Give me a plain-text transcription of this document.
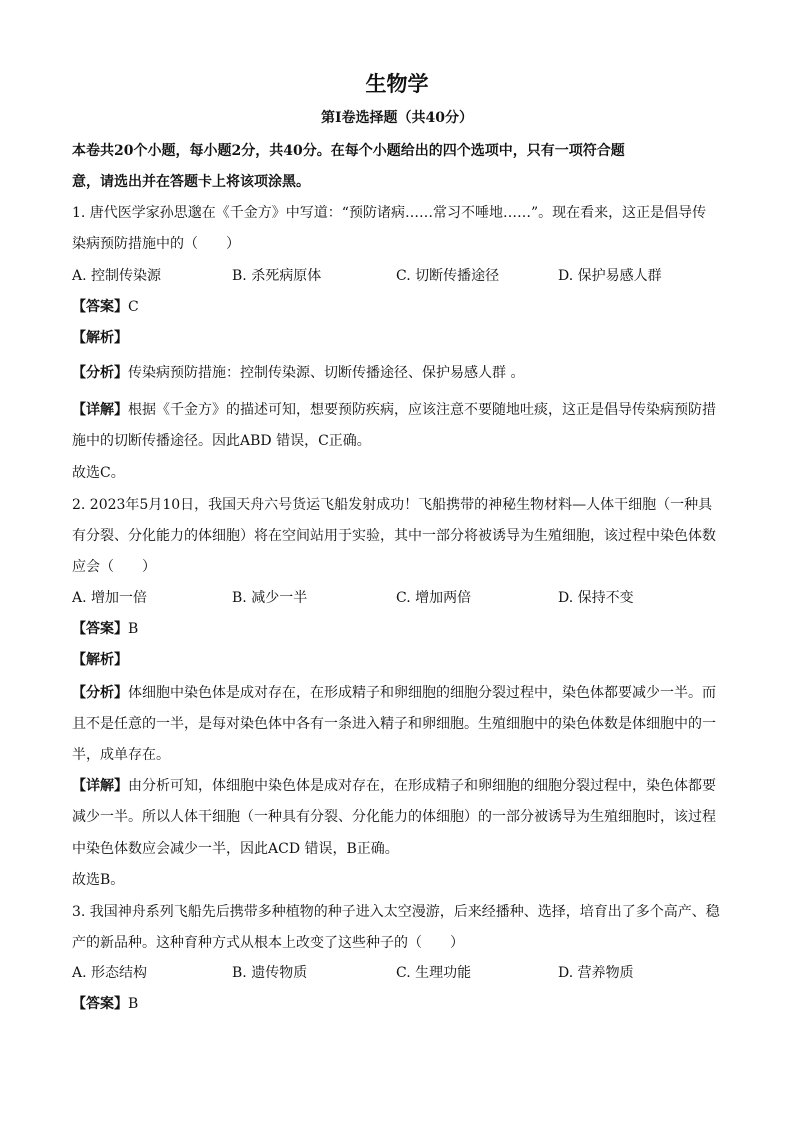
生物学
第I卷选择题（共40分）
本卷共20个小题，每小题2分，共40分。在每个小题给出的四个选项中，只有一项符合题
意，请选出并在答题卡上将该项涂黑。
1. 唐代医学家孙思邈在《千金方》中写道：“预防诸病……常习不唾地……”。现在看来，这正是倡导传
染病预防措施中的（　　）
A. 控制传染源	B. 杀死病原体	C. 切断传播途径	D. 保护易感人群
【答案】C
【解析】
【分析】传染病预防措施：控制传染源、切断传播途径、保护易感人群 。
【详解】根据《千金方》的描述可知，想要预防疾病，应该注意不要随地吐痰，这正是倡导传染病预防措
施中的切断传播途径。因此ABD 错误，C正确。
故选C。
2. 2023年5月10日，我国天舟六号货运飞船发射成功！飞船携带的神秘生物材料—人体干细胞（一种具
有分裂、分化能力的体细胞）将在空间站用于实验，其中一部分将被诱导为生殖细胞，该过程中染色体数
应会（　　）
A. 增加一倍	B. 减少一半	C. 增加两倍	D. 保持不变
【答案】B
【解析】
【分析】体细胞中染色体是成对存在，在形成精子和卵细胞的细胞分裂过程中，染色体都要减少一半。而
且不是任意的一半，是每对染色体中各有一条进入精子和卵细胞。生殖细胞中的染色体数是体细胞中的一
半，成单存在。
【详解】由分析可知，体细胞中染色体是成对存在，在形成精子和卵细胞的细胞分裂过程中，染色体都要
减少一半。所以人体干细胞（一种具有分裂、分化能力的体细胞）的一部分被诱导为生殖细胞时，该过程
中染色体数应会减少一半，因此ACD 错误，B正确。
故选B。
3. 我国神舟系列飞船先后携带多种植物的种子进入太空漫游，后来经播种、选择，培育出了多个高产、稳
产的新品种。这种育种方式从根本上改变了这些种子的（　　）
A. 形态结构	B. 遗传物质	C. 生理功能	D. 营养物质
【答案】B
